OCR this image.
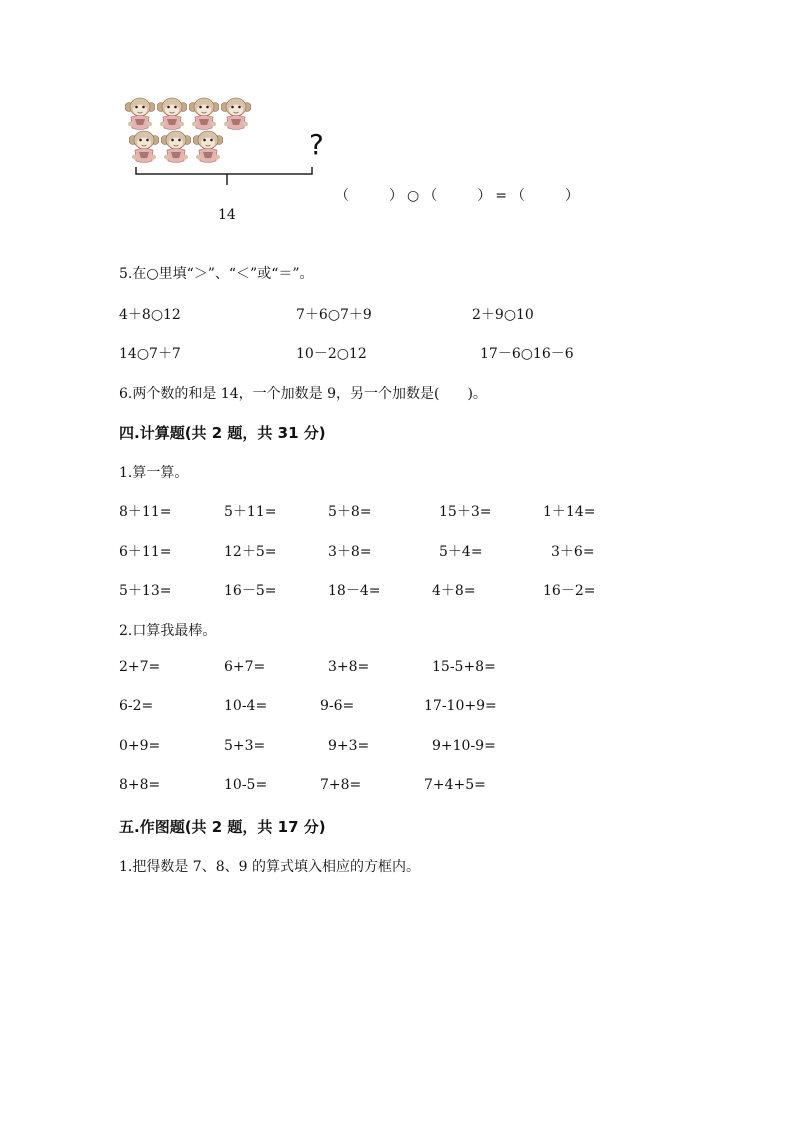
?
14
（　　）○（　　）=（　　）
5.在○里填“＞”、“＜”或“＝”。
4＋8○12	7＋6○7＋9	2＋9○10
14○7＋7	10－2○12	17－6○16－6
6.两个数的和是 14，一个加数是 9，另一个加数是(　　)。
四.计算题(共 2 题，共 31 分)
1.算一算。
8＋11=	5＋11=	5＋8=	15＋3=	1＋14=
6＋11=	12＋5=	3＋8=	5＋4=	3＋6=
5＋13=	16－5=	18－4=	4＋8=	16－2=
2.口算我最棒。
2+7=	6+7=	3+8=	15-5+8=
6-2=	10-4=	9-6=	17-10+9=
0+9=	5+3=	9+3=	9+10-9=
8+8=	10-5=	7+8=	7+4+5=
五.作图题(共 2 题，共 17 分)
1.把得数是 7、8、9 的算式填入相应的方框内。
